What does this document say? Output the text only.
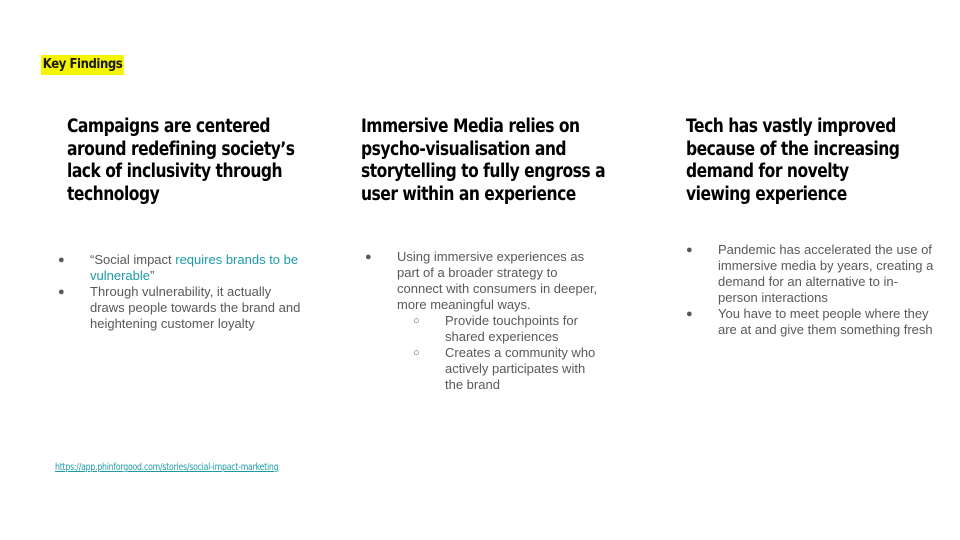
Key Findings
Campaigns are centered around redefining society’s lack of inclusivity through technology
Immersive Media relies on psycho-visualisation and storytelling to fully engross a user within an experience
Tech has vastly improved because of the increasing demand for novelty viewing experience
●	“Social impact requires brands to be vulnerable”
●	Through vulnerability, it actually draws people towards the brand and heightening customer loyalty
●	Using immersive experiences as part of a broader strategy to connect with consumers in deeper, more meaningful ways.
○	Provide touchpoints for shared experiences
○	Creates a community who actively participates with the brand
●	Pandemic has accelerated the use of immersive media by years, creating a demand for an alternative to in-person interactions
●	You have to meet people where they are at and give them something fresh
https://app.phinforgood.com/stories/social-impact-marketing
